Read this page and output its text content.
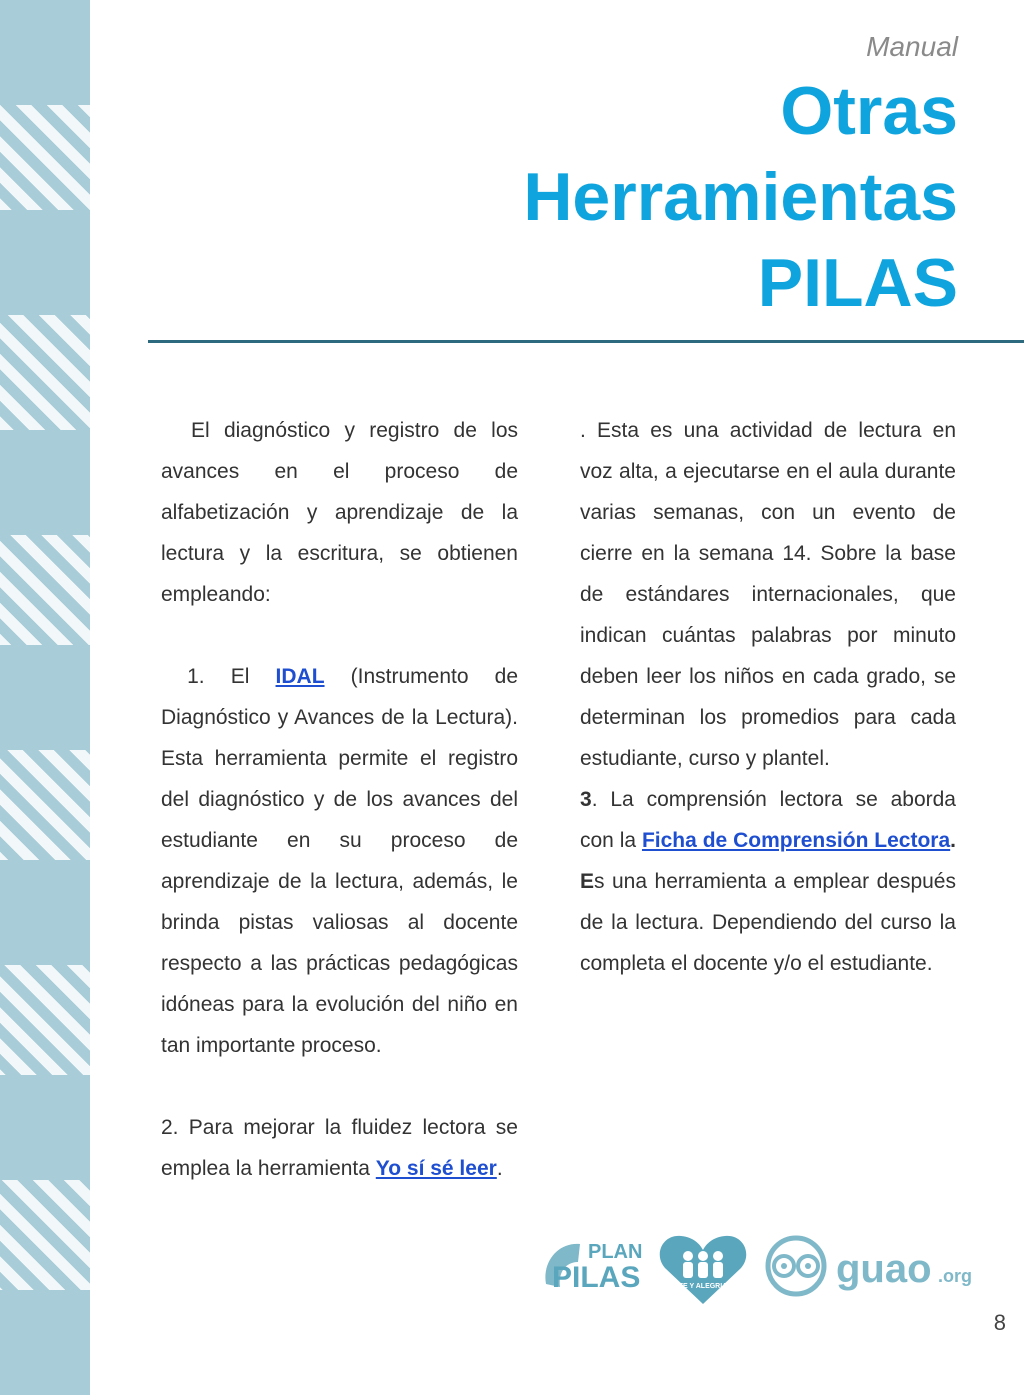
Manual
Otras
Herramientas
PILAS

El diagnóstico y registro de los avances en el proceso de alfabetización y aprendizaje de la lectura y la escritura, se obtienen empleando:

1. El IDAL (Instrumento de Diagnóstico y Avances de la Lectura). Esta herramienta permite el registro del diagnóstico y de los avances del estudiante en su proceso de aprendizaje de la lectura, además, le brinda pistas valiosas al docente respecto a las prácticas pedagógicas idóneas para la evolución del niño en tan importante proceso.

2. Para mejorar la fluidez lectora se emplea la herramienta Yo sí sé leer.

. Esta es una actividad de lectura en voz alta, a ejecutarse en el aula durante varias semanas, con un evento de cierre en la semana 14. Sobre la base de estándares internacionales, que indican cuántas palabras por minuto deben leer los niños en cada grado, se determinan los promedios para cada estudiante, curso y plantel.

3. La comprensión lectora se aborda con la Ficha de Comprensión Lectora. Es una herramienta a emplear después de la lectura. Dependiendo del curso la completa el docente y/o el estudiante.

PLAN
PILAS	FE Y ALEGRIA	guao .org
8
